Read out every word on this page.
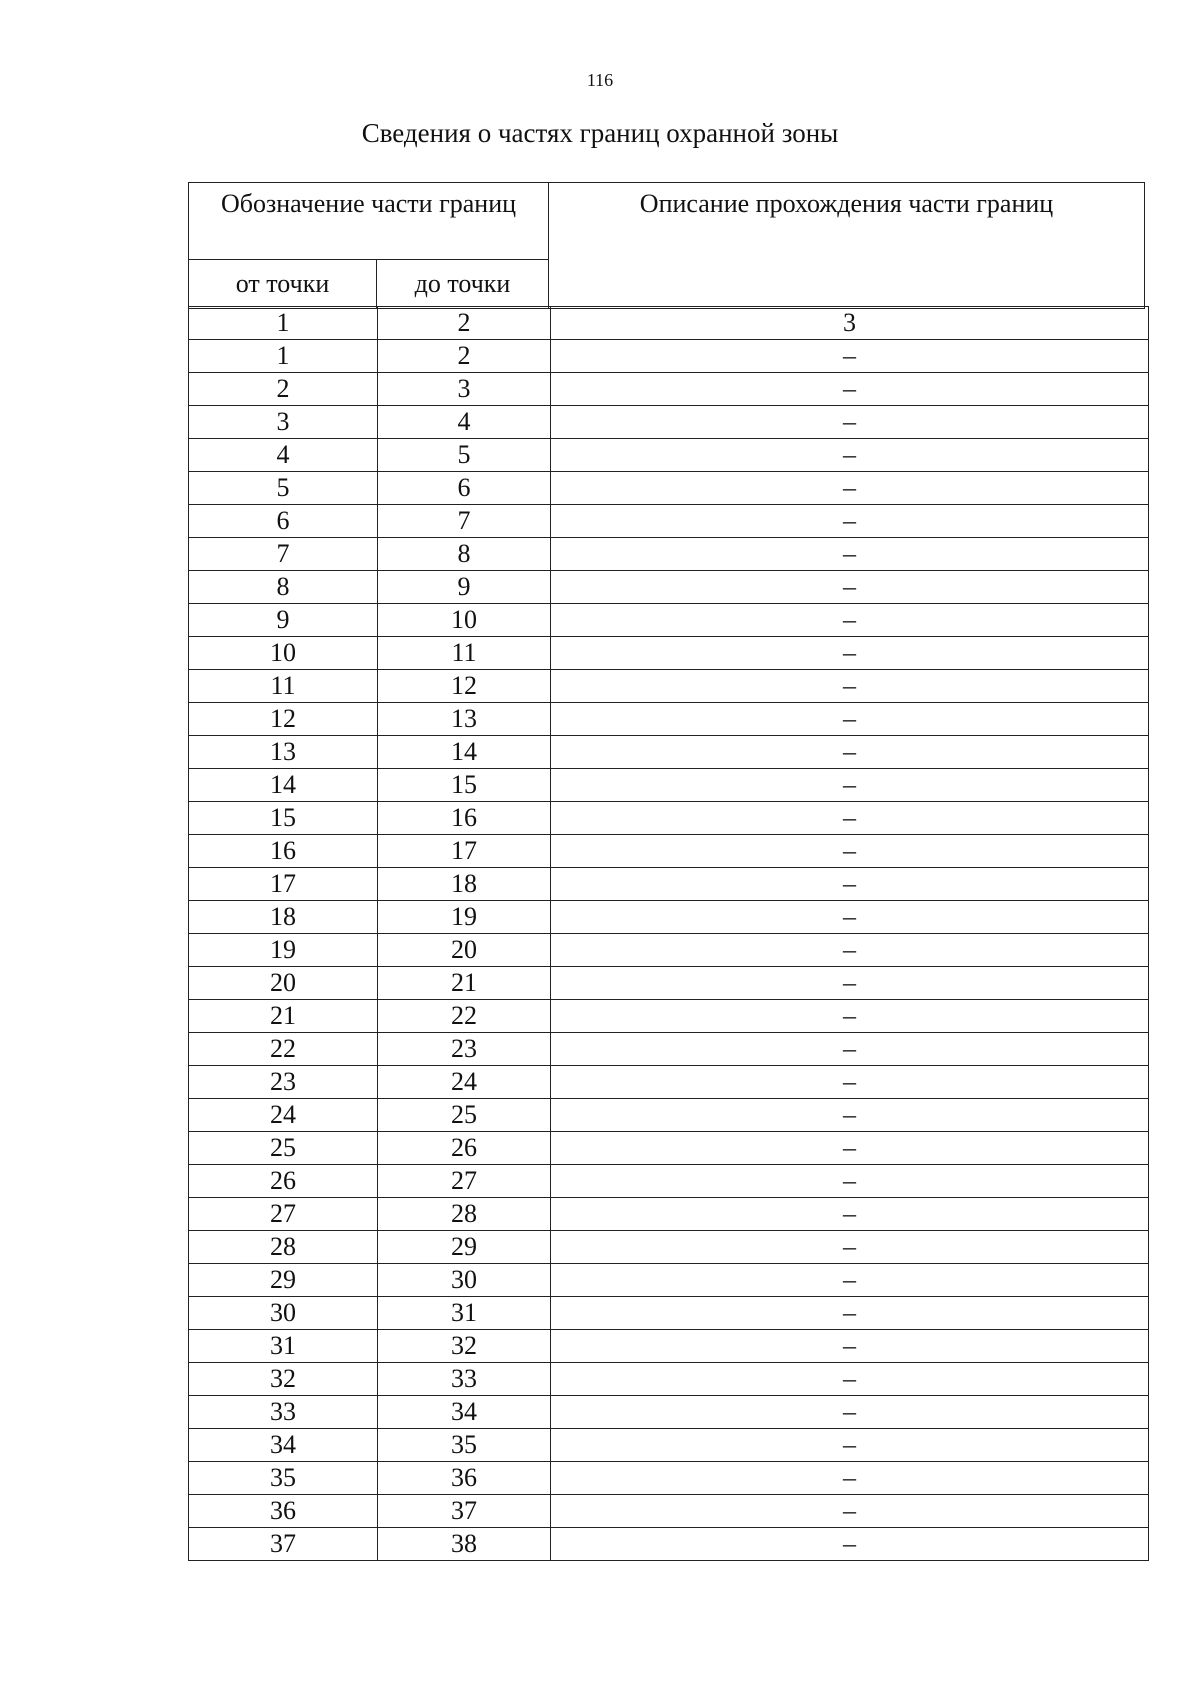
116
Сведения о частях границ охранной зоны
Обозначение части границ		Описание прохождения части границ
от точки	до точки	
1	2	3
1	2	–
2	3	–
3	4	–
4	5	–
5	6	–
6	7	–
7	8	–
8	9	–
9	10	–
10	11	–
11	12	–
12	13	–
13	14	–
14	15	–
15	16	–
16	17	–
17	18	–
18	19	–
19	20	–
20	21	–
21	22	–
22	23	–
23	24	–
24	25	–
25	26	–
26	27	–
27	28	–
28	29	–
29	30	–
30	31	–
31	32	–
32	33	–
33	34	–
34	35	–
35	36	–
36	37	–
37	38	–
